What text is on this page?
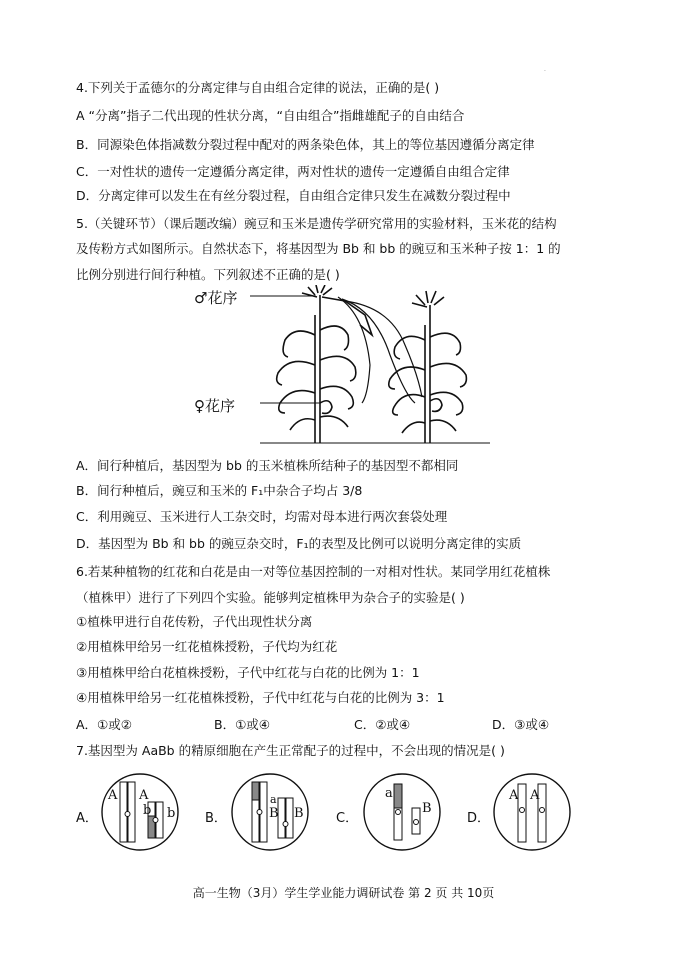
.
4.下列关于孟德尔的分离定律与自由组合定律的说法，正确的是( )
A “分离”指子二代出现的性状分离，“自由组合”指雌雄配子的自由结合
B．同源染色体指减数分裂过程中配对的两条染色体，其上的等位基因遵循分离定律
C．一对性状的遗传一定遵循分离定律，两对性状的遗传一定遵循自由组合定律
D．分离定律可以发生在有丝分裂过程，自由组合定律只发生在减数分裂过程中
5.（关键环节）（课后题改编）豌豆和玉米是遗传学研究常用的实验材料，玉米花的结构
及传粉方式如图所示。自然状态下，将基因型为 Bb 和 bb 的豌豆和玉米种子按 1：1 的
比例分别进行间行种植。下列叙述不正确的是( )
♂花序
♀花序
A．间行种植后，基因型为 bb 的玉米植株所结种子的基因型不都相同
B．间行种植后，豌豆和玉米的 F₁中杂合子均占 3/8
C．利用豌豆、玉米进行人工杂交时，均需对母本进行两次套袋处理
D．基因型为 Bb 和 bb 的豌豆杂交时，F₁的表型及比例可以说明分离定律的实质
6.若某种植物的红花和白花是由一对等位基因控制的一对相对性状。某同学用红花植株
（植株甲）进行了下列四个实验。能够判定植株甲为杂合子的实验是( )
①植株甲进行自花传粉，子代出现性状分离
②用植株甲给另一红花植株授粉，子代均为红花
③用植株甲给白花植株授粉，子代中红花与白花的比例为 1：1
④用植株甲给另一红花植株授粉，子代中红花与白花的比例为 3：1
A．①或②	B．①或④	C．②或④	D．③或④
7.基因型为 AaBb 的精原细胞在产生正常配子的过程中，不会出现的情况是( )
A．
A A
b b B．
a
B B C．
a
B
D．
A A
高一生物（3月）学生学业能力调研试卷 第 2 页 共 10页
